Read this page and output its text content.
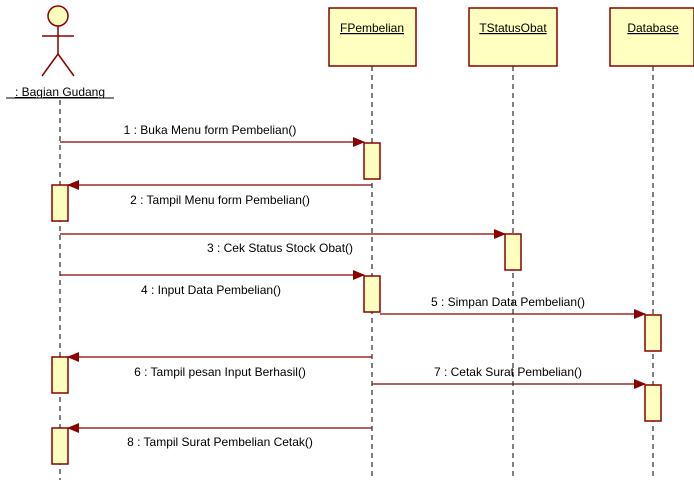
: Bagian Gudang
FPembelian	TStatusObat	Database
1 : Buka Menu form Pembelian()
2 : Tampil Menu form Pembelian()
3 : Cek Status Stock Obat()
4 : Input Data Pembelian()
5 : Simpan Data Pembelian()
6 : Tampil pesan Input Berhasil()	7 : Cetak Surat Pembelian()
8 : Tampil Surat Pembelian Cetak()
